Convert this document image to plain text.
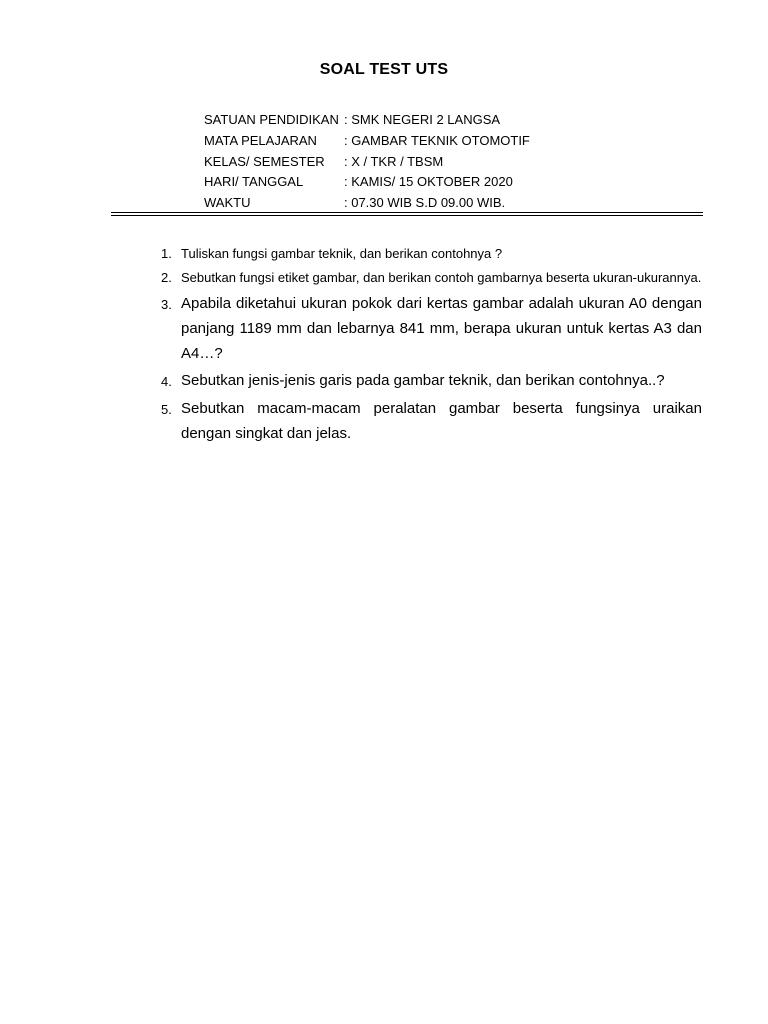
SOAL TEST UTS
SATUAN PENDIDIKAN : SMK NEGERI 2 LANGSA
MATA PELAJARAN	: GAMBAR TEKNIK OTOMOTIF
KELAS/ SEMESTER	: X / TKR / TBSM
HARI/ TANGGAL	: KAMIS/ 15 OKTOBER 2020
WAKTU	: 07.30 WIB S.D 09.00 WIB.
1. Tuliskan fungsi gambar teknik, dan berikan contohnya ?
2. Sebutkan fungsi etiket gambar, dan berikan contoh gambarnya beserta ukuran-ukurannya.
3. Apabila diketahui ukuran pokok dari kertas gambar adalah ukuran A0 dengan panjang 1189 mm dan lebarnya 841 mm, berapa ukuran untuk kertas A3 dan A4…?
4. Sebutkan jenis-jenis garis pada gambar teknik, dan berikan contohnya..?
5. Sebutkan macam-macam peralatan gambar beserta fungsinya uraikan dengan singkat dan jelas.
